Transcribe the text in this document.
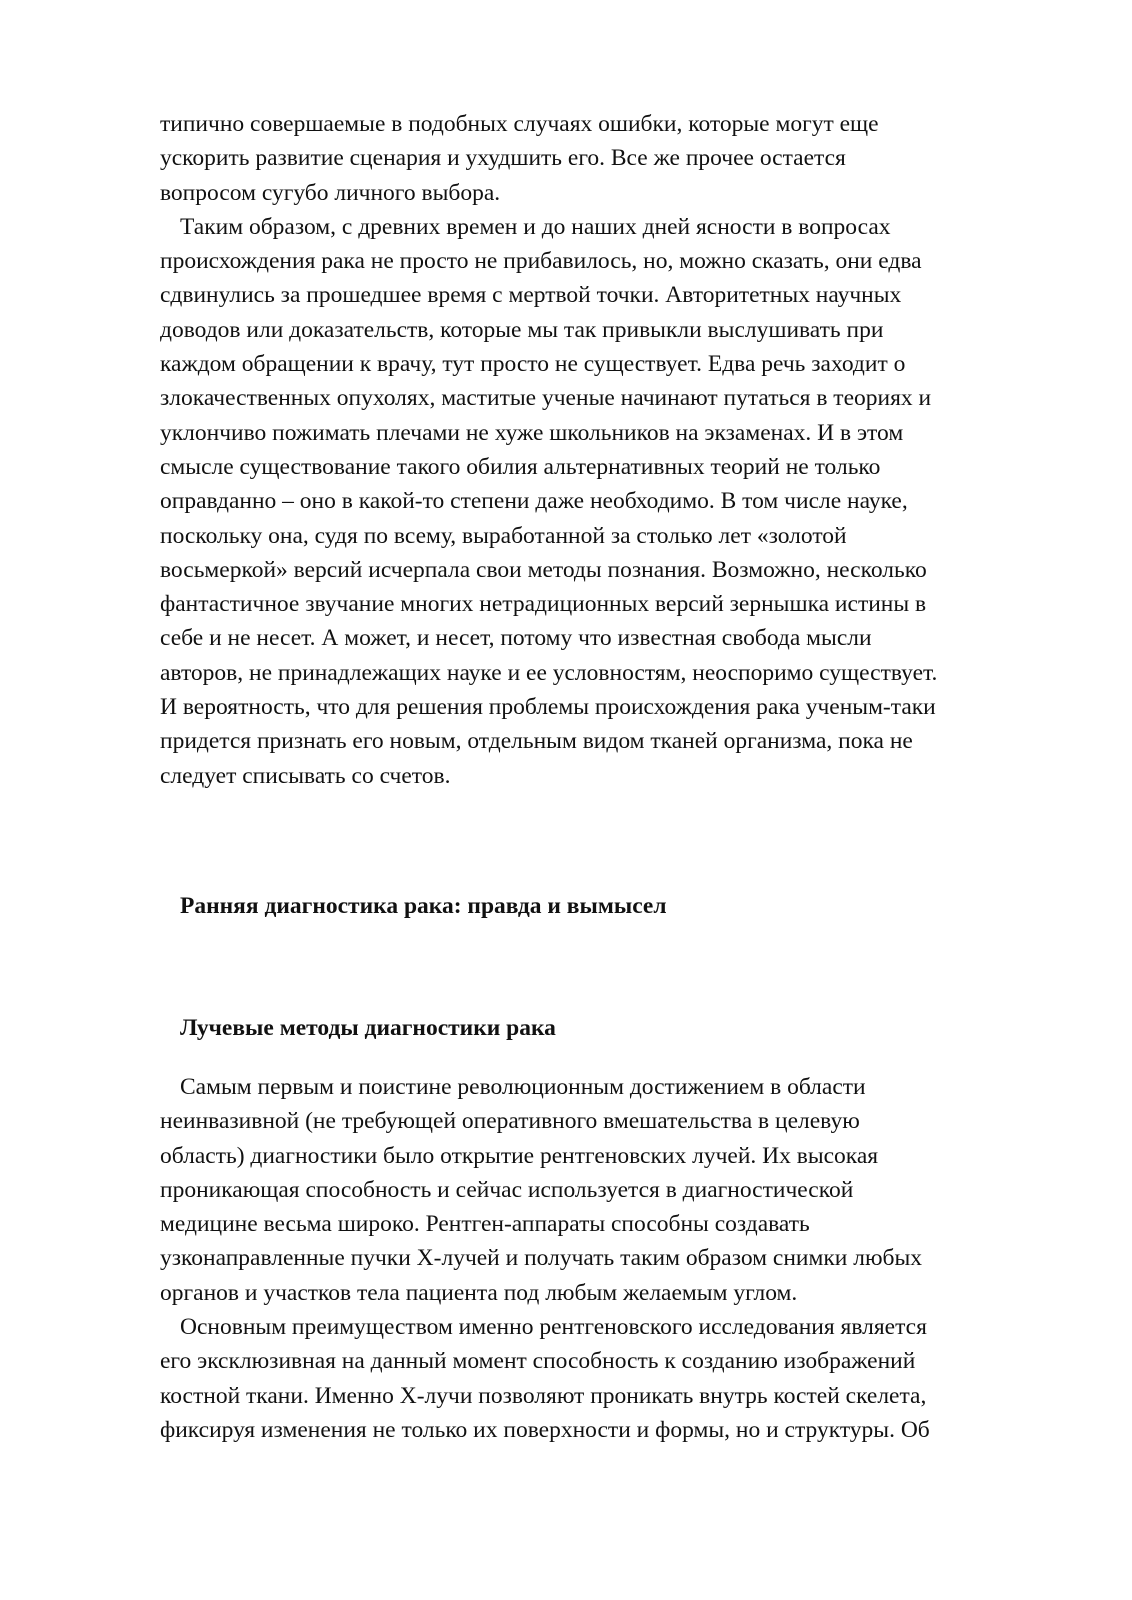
типично совершаемые в подобных случаях ошибки, которые могут еще
ускорить развитие сценария и ухудшить его. Все же прочее остается
вопросом сугубо личного выбора.
Таким образом, с древних времен и до наших дней ясности в вопросах
происхождения рака не просто не прибавилось, но, можно сказать, они едва
сдвинулись за прошедшее время с мертвой точки. Авторитетных научных
доводов или доказательств, которые мы так привыкли выслушивать при
каждом обращении к врачу, тут просто не существует. Едва речь заходит о
злокачественных опухолях, маститые ученые начинают путаться в теориях и
уклончиво пожимать плечами не хуже школьников на экзаменах. И в этом
смысле существование такого обилия альтернативных теорий не только
оправданно – оно в какой-то степени даже необходимо. В том числе науке,
поскольку она, судя по всему, выработанной за столько лет «золотой
восьмеркой» версий исчерпала свои методы познания. Возможно, несколько
фантастичное звучание многих нетрадиционных версий зернышка истины в
себе и не несет. А может, и несет, потому что известная свобода мысли
авторов, не принадлежащих науке и ее условностям, неоспоримо существует.
И вероятность, что для решения проблемы происхождения рака ученым-таки
придется признать его новым, отдельным видом тканей организма, пока не
следует списывать со счетов.
Ранняя диагностика рака: правда и вымысел
Лучевые методы диагностики рака
Самым первым и поистине революционным достижением в области
неинвазивной (не требующей оперативного вмешательства в целевую
область) диагностики было открытие рентгеновских лучей. Их высокая
проникающая способность и сейчас используется в диагностической
медицине весьма широко. Рентген-аппараты способны создавать
узконаправленные пучки Х-лучей и получать таким образом снимки любых
органов и участков тела пациента под любым желаемым углом.
Основным преимуществом именно рентгеновского исследования является
его эксклюзивная на данный момент способность к созданию изображений
костной ткани. Именно Х-лучи позволяют проникать внутрь костей скелета,
фиксируя изменения не только их поверхности и формы, но и структуры. Об
